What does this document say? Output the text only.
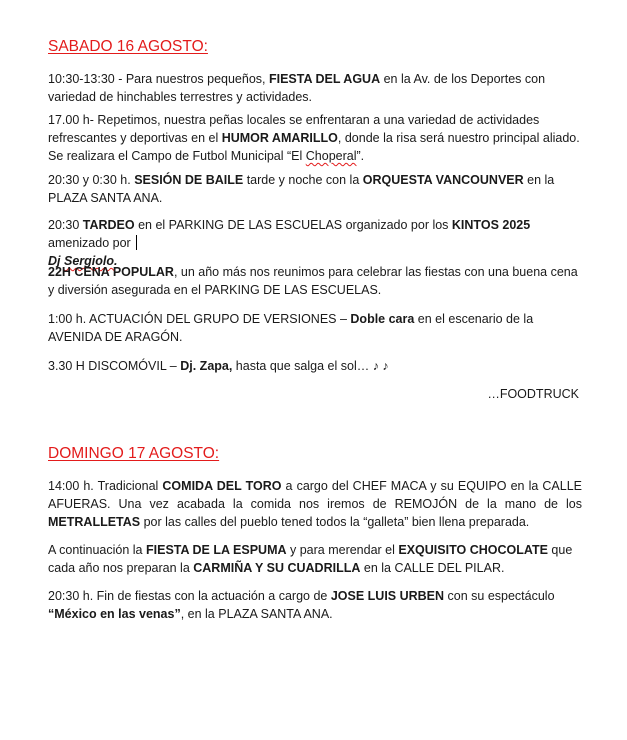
SABADO 16 AGOSTO:

10:30-13:30 - Para nuestros pequeños, FIESTA DEL AGUA en la Av. de los Deportes con variedad de hinchables terrestres y actividades.

17.00 h- Repetimos, nuestra peñas locales se enfrentaran a una variedad de actividades refrescantes y deportivas en el HUMOR AMARILLO, donde la risa será nuestro principal aliado. Se realizara el Campo de Futbol Municipal “El Choperal”.

20:30 y 0:30 h. SESIÓN DE BAILE tarde y noche con la ORQUESTA VANCOUNVER en la PLAZA SANTA ANA.

20:30 TARDEO en el PARKING DE LAS ESCUELAS organizado por los KINTOS 2025 amenizado por
Dj Sergiolo.

22H CENA POPULAR, un año más nos reunimos para celebrar las fiestas con una buena cena y diversión asegurada en el PARKING DE LAS ESCUELAS.

1:00 h. ACTUACIÓN DEL GRUPO DE VERSIONES – Doble cara en el escenario de la AVENIDA DE ARAGÓN.

3.30 H DISCOMÓVIL – Dj. Zapa, hasta que salga el sol… ♪ ♪

…FOODTRUCK

DOMINGO 17 AGOSTO:

14:00 h. Tradicional COMIDA DEL TORO a cargo del CHEF MACA y su EQUIPO en la CALLE AFUERAS. Una vez acabada la comida nos iremos de REMOJÓN de la mano de los METRALLETAS por las calles del pueblo tened todos la “galleta” bien llena preparada.

A continuación la FIESTA DE LA ESPUMA y para merendar el EXQUISITO CHOCOLATE que cada año nos preparan la CARMIÑA Y SU CUADRILLA en la CALLE DEL PILAR.

20:30 h. Fin de fiestas con la actuación a cargo de JOSE LUIS URBEN con su espectáculo “México en las venas”, en la PLAZA SANTA ANA.
